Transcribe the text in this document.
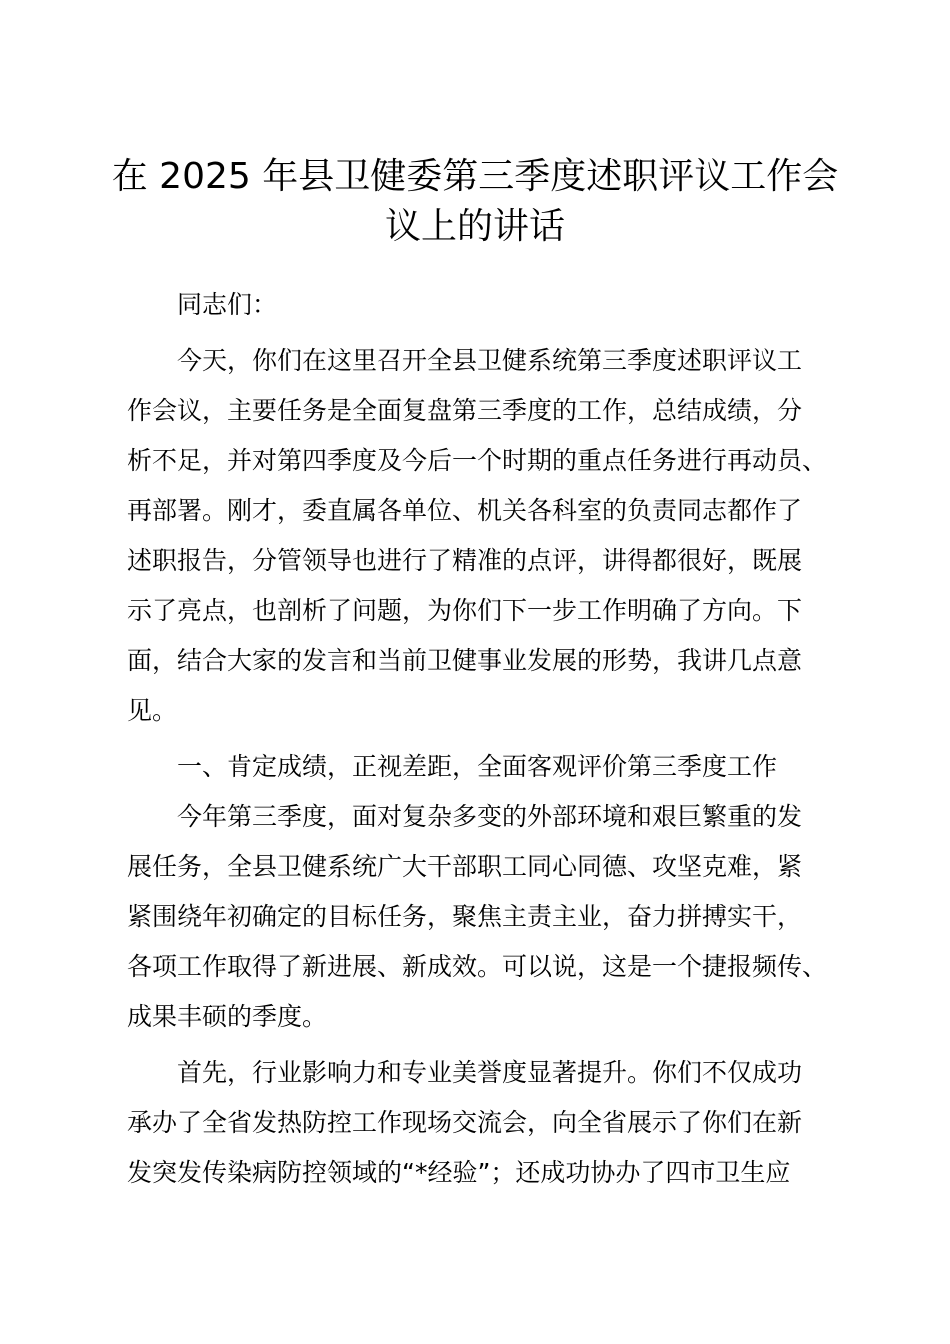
在 2025 年县卫健委第三季度述职评议工作会
议上的讲话
同志们：
今天，你们在这里召开全县卫健系统第三季度述职评议工
作会议，主要任务是全面复盘第三季度的工作，总结成绩，分
析不足，并对第四季度及今后一个时期的重点任务进行再动员、
再部署。刚才，委直属各单位、机关各科室的负责同志都作了
述职报告，分管领导也进行了精准的点评，讲得都很好，既展
示了亮点，也剖析了问题，为你们下一步工作明确了方向。下
面，结合大家的发言和当前卫健事业发展的形势，我讲几点意
见。
一、肯定成绩，正视差距，全面客观评价第三季度工作
今年第三季度，面对复杂多变的外部环境和艰巨繁重的发
展任务，全县卫健系统广大干部职工同心同德、攻坚克难，紧
紧围绕年初确定的目标任务，聚焦主责主业，奋力拼搏实干，
各项工作取得了新进展、新成效。可以说，这是一个捷报频传、
成果丰硕的季度。
首先，行业影响力和专业美誉度显著提升。你们不仅成功
承办了全省发热防控工作现场交流会，向全省展示了你们在新
发突发传染病防控领域的“*经验”；还成功协办了四市卫生应
